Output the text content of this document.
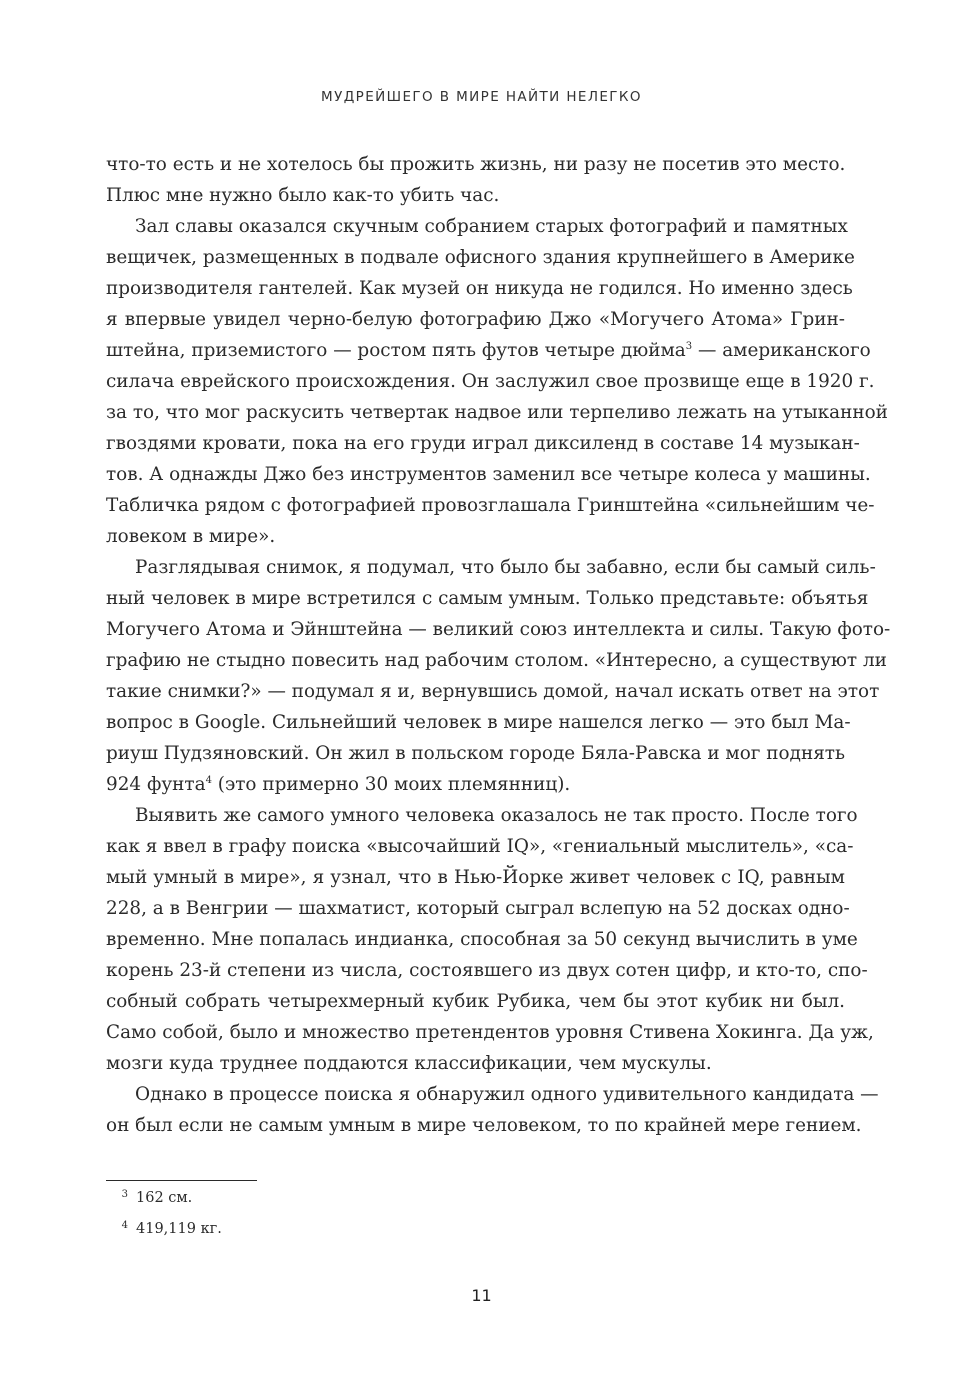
МУДРЕЙШЕГО В МИРЕ НАЙТИ НЕЛЕГКО
что-то есть и не хотелось бы прожить жизнь, ни разу не посетив это место.
Плюс мне нужно было как-то убить час.
Зал славы оказался скучным собранием старых фотографий и памятных
вещичек, размещенных в подвале офисного здания крупнейшего в Америке
производителя гантелей. Как музей он никуда не годился. Но именно здесь
я впервые увидел черно-белую фотографию Джо «Могучего Атома» Грин-
штейна, приземистого — ростом пять футов четыре дюйма$^3$ — американского
силача еврейского происхождения. Он заслужил свое прозвище еще в 1920 г.
за то, что мог раскусить четвертак надвое или терпеливо лежать на утыканной
гвоздями кровати, пока на его груди играл диксиленд в составе 14 музыкан-
тов. А однажды Джо без инструментов заменил все четыре колеса у машины.
Табличка рядом с фотографией провозглашала Гринштейна «сильнейшим че-
ловеком в мире».
Разглядывая снимок, я подумал, что было бы забавно, если бы самый силь-
ный человек в мире встретился с самым умным. Только представьте: объятья
Могучего Атома и Эйнштейна — великий союз интеллекта и силы. Такую фото-
графию не стыдно повесить над рабочим столом. «Интересно, а существуют ли
такие снимки?» — подумал я и, вернувшись домой, начал искать ответ на этот
вопрос в Google. Сильнейший человек в мире нашелся легко — это был Ма-
риуш Пудзяновский. Он жил в польском городе Бяла-Равска и мог поднять
924 фунта$^4$ (это примерно 30 моих племянниц).
Выявить же самого умного человека оказалось не так просто. После того
как я ввел в графу поиска «высочайший IQ», «гениальный мыслитель», «са-
мый умный в мире», я узнал, что в Нью-Йорке живет человек с IQ, равным
228, а в Венгрии — шахматист, который сыграл вслепую на 52 досках одно-
временно. Мне попалась индианка, способная за 50 секунд вычислить в уме
корень 23-й степени из числа, состоявшего из двух сотен цифр, и кто-то, спо-
собный собрать четырехмерный кубик Рубика, чем бы этот кубик ни был.
Само собой, было и множество претендентов уровня Стивена Хокинга. Да уж,
мозги куда труднее поддаются классификации, чем мускулы.
Однако в процессе поиска я обнаружил одного удивительного кандидата —
он был если не самым умным в мире человеком, то по крайней мере гением.
3 162 см.
4 419,119 кг.
11
